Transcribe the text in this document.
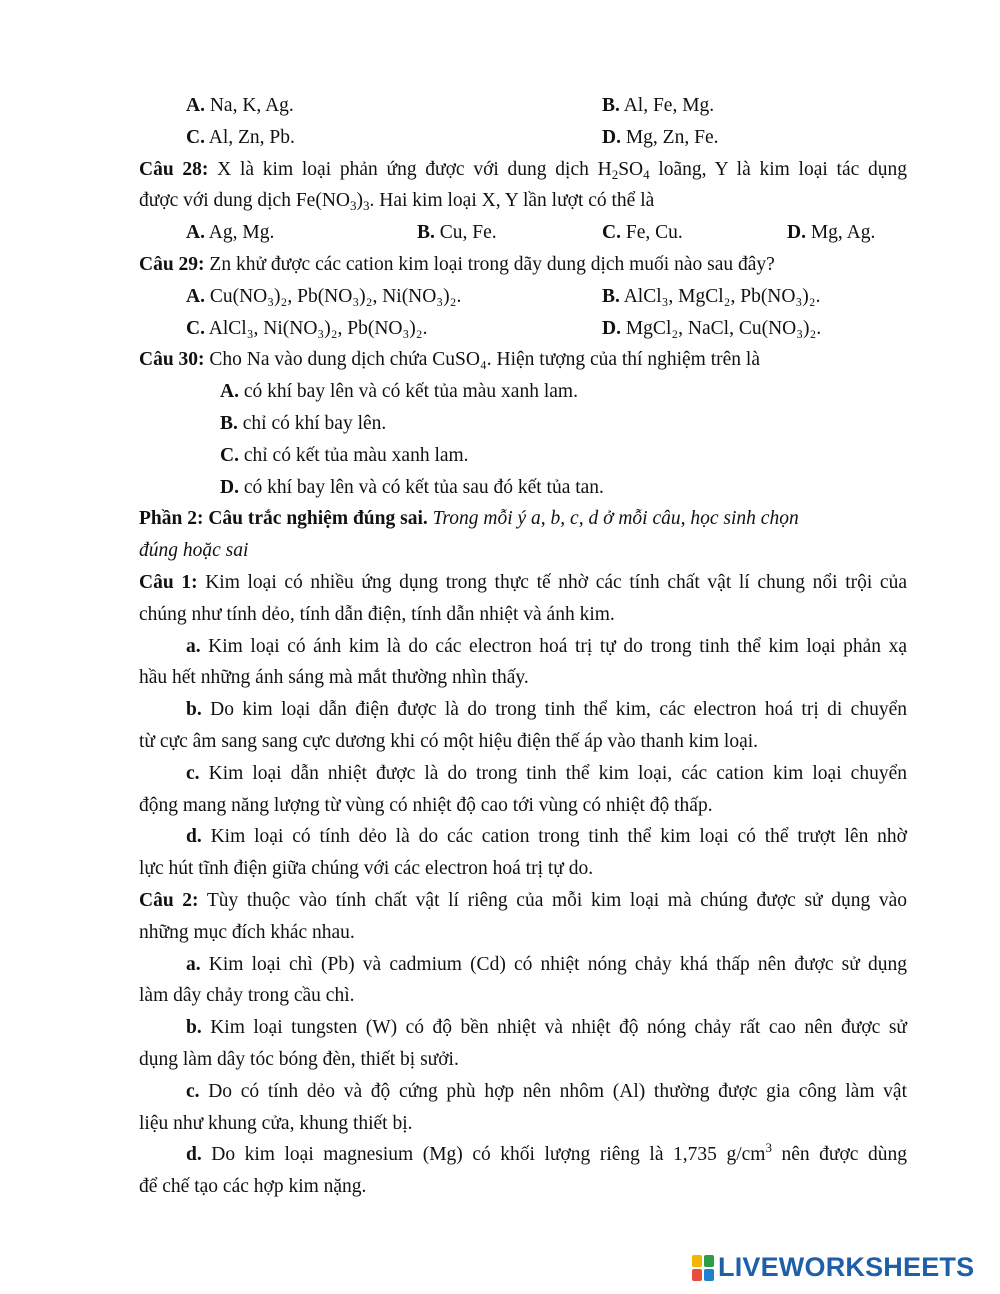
A. Na, K, Ag.	B. Al, Fe, Mg.
C. Al, Zn, Pb.	D. Mg, Zn, Fe.
Câu 28: X là kim loại phản ứng được với dung dịch $H_2SO_4$ loãng, Y là kim loại tác dụng
được với dung dịch $Fe(NO_3)_3$. Hai kim loại X, Y lần lượt có thể là
A. Ag, Mg.	B. Cu, Fe.	C. Fe, Cu.	D. Mg, Ag.
Câu 29: Zn khử được các cation kim loại trong dãy dung dịch muối nào sau đây?
A. Cu(NO₃)₂, Pb(NO₃)₂, Ni(NO₃)₂.	B. AlCl₃, MgCl₂, Pb(NO₃)₂.
C. AlCl₃, Ni(NO₃)₂, Pb(NO₃)₂.	D. MgCl₂, NaCl, Cu(NO₃)₂.
Câu 30: Cho Na vào dung dịch chứa CuSO₄. Hiện tượng của thí nghiệm trên là
A. có khí bay lên và có kết tủa màu xanh lam.
B. chỉ có khí bay lên.
C. chỉ có kết tủa màu xanh lam.
D. có khí bay lên và có kết tủa sau đó kết tủa tan.
Phần 2: Câu trắc nghiệm đúng sai. Trong mỗi ý a, b, c, d ở mỗi câu, học sinh chọn
đúng hoặc sai
Câu 1: Kim loại có nhiều ứng dụng trong thực tế nhờ các tính chất vật lí chung nổi trội của
chúng như tính dẻo, tính dẫn điện, tính dẫn nhiệt và ánh kim.
a. Kim loại có ánh kim là do các electron hoá trị tự do trong tinh thể kim loại phản xạ
hầu hết những ánh sáng mà mắt thường nhìn thấy.
b. Do kim loại dẫn điện được là do trong tinh thể kim, các electron hoá trị di chuyển
từ cực âm sang sang cực dương khi có một hiệu điện thế áp vào thanh kim loại.
c. Kim loại dẫn nhiệt được là do trong tinh thể kim loại, các cation kim loại chuyển
động mang năng lượng từ vùng có nhiệt độ cao tới vùng có nhiệt độ thấp.
d. Kim loại có tính dẻo là do các cation trong tinh thể kim loại có thể trượt lên nhờ
lực hút tĩnh điện giữa chúng với các electron hoá trị tự do.
Câu 2: Tùy thuộc vào tính chất vật lí riêng của mỗi kim loại mà chúng được sử dụng vào
những mục đích khác nhau.
a. Kim loại chì (Pb) và cadmium (Cd) có nhiệt nóng chảy khá thấp nên được sử dụng
làm dây chảy trong cầu chì.
b. Kim loại tungsten (W) có độ bền nhiệt và nhiệt độ nóng chảy rất cao nên được sử
dụng làm dây tóc bóng đèn, thiết bị sưởi.
c. Do có tính dẻo và độ cứng phù hợp nên nhôm (Al) thường được gia công làm vật
liệu như khung cửa, khung thiết bị.
d. Do kim loại magnesium (Mg) có khối lượng riêng là 1,735 $g/cm^3$ nên được dùng
để chế tạo các hợp kim nặng.
LIVEWORKSHEETS
